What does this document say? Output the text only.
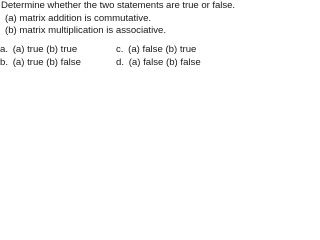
Determine whether the two statements are true or false.
(a) matrix addition is commutative.
(b) matrix multiplication is associative.
a. (a) true (b) true	c. (a) false (b) true
b. (a) true (b) false	d. (a) false (b) false
